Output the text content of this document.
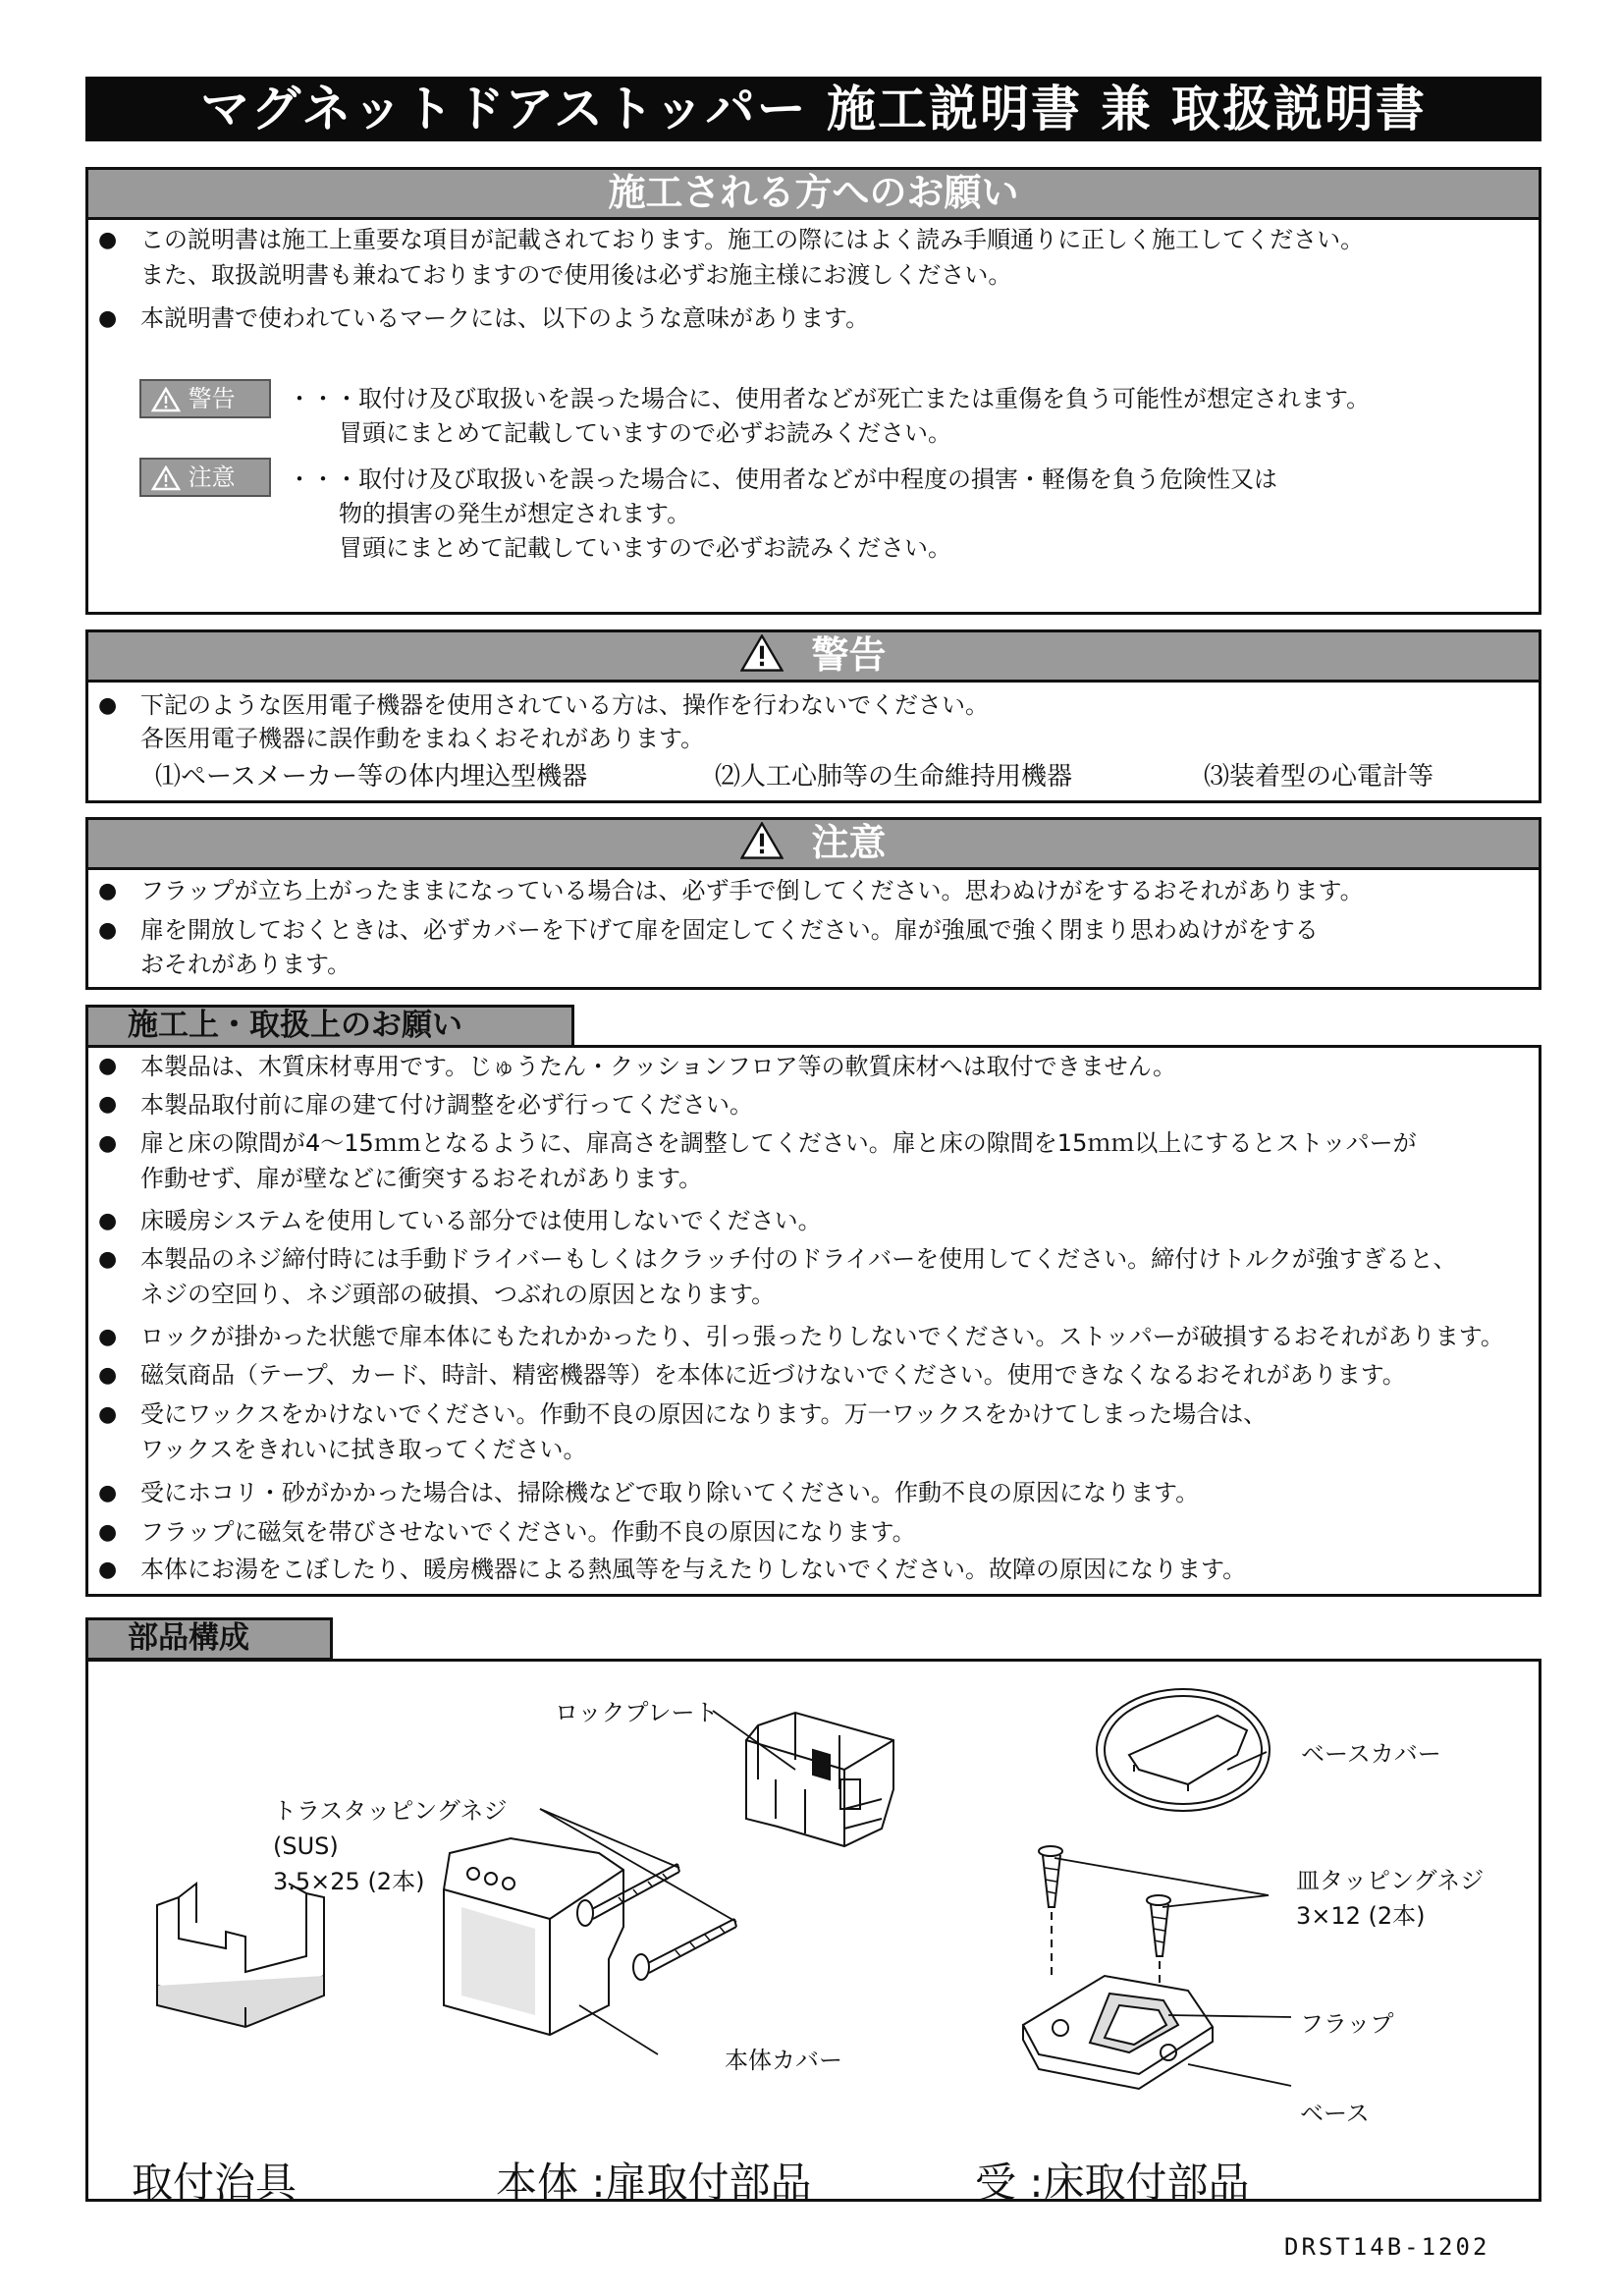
マグネットドアストッパー 施工説明書 兼 取扱説明書
施工される方へのお願い
● この説明書は施工上重要な項目が記載されております。施工の際にはよく読み手順通りに正しく施工してください。
また、取扱説明書も兼ねておりますので使用後は必ずお施主様にお渡しください。
● 本説明書で使われているマークには、以下のような意味があります。
警告	・・・取付け及び取扱いを誤った場合に、使用者などが死亡または重傷を負う可能性が想定されます。
冒頭にまとめて記載していますので必ずお読みください。
注意	・・・取付け及び取扱いを誤った場合に、使用者などが中程度の損害・軽傷を負う危険性又は
物的損害の発生が想定されます。
冒頭にまとめて記載していますので必ずお読みください。
警告
● 下記のような医用電子機器を使用されている方は、操作を行わないでください。
各医用電子機器に誤作動をまねくおそれがあります。
⑴ペースメーカー等の体内埋込型機器	⑵人工心肺等の生命維持用機器	⑶装着型の心電計等
注意
● フラップが立ち上がったままになっている場合は、必ず手で倒してください。思わぬけがをするおそれがあります。
● 扉を開放しておくときは、必ずカバーを下げて扉を固定してください。扉が強風で強く閉まり思わぬけがをする
おそれがあります。
施工上・取扱上のお願い
● 本製品は、木質床材専用です。じゅうたん・クッションフロア等の軟質床材へは取付できません。
● 本製品取付前に扉の建て付け調整を必ず行ってください。
● 扉と床の隙間が4～15ｍｍとなるように、扉高さを調整してください。扉と床の隙間を15ｍｍ以上にするとストッパーが
作動せず、扉が壁などに衝突するおそれがあります。
● 床暖房システムを使用している部分では使用しないでください。
● 本製品のネジ締付時には手動ドライバーもしくはクラッチ付のドライバーを使用してください。締付けトルクが強すぎると、
ネジの空回り、ネジ頭部の破損、つぶれの原因となります。
● ロックが掛かった状態で扉本体にもたれかかったり、引っ張ったりしないでください。ストッパーが破損するおそれがあります。
● 磁気商品（テープ、カード、時計、精密機器等）を本体に近づけないでください。使用できなくなるおそれがあります。
● 受にワックスをかけないでください。作動不良の原因になります。万一ワックスをかけてしまった場合は、
ワックスをきれいに拭き取ってください。
● 受にホコリ・砂がかかった場合は、掃除機などで取り除いてください。作動不良の原因になります。
● フラップに磁気を帯びさせないでください。作動不良の原因になります。
● 本体にお湯をこぼしたり、暖房機器による熱風等を与えたりしないでください。故障の原因になります。
部品構成
ロックプレート
トラスタッピングネジ
(SUS)
3.5×25 (2本)
本体カバー
ベースカバー
皿タッピングネジ
3×12 (2本)
フラップ
ベース
取付治具	本体 :扉取付部品	受 :床取付部品
DRST14B-1202
